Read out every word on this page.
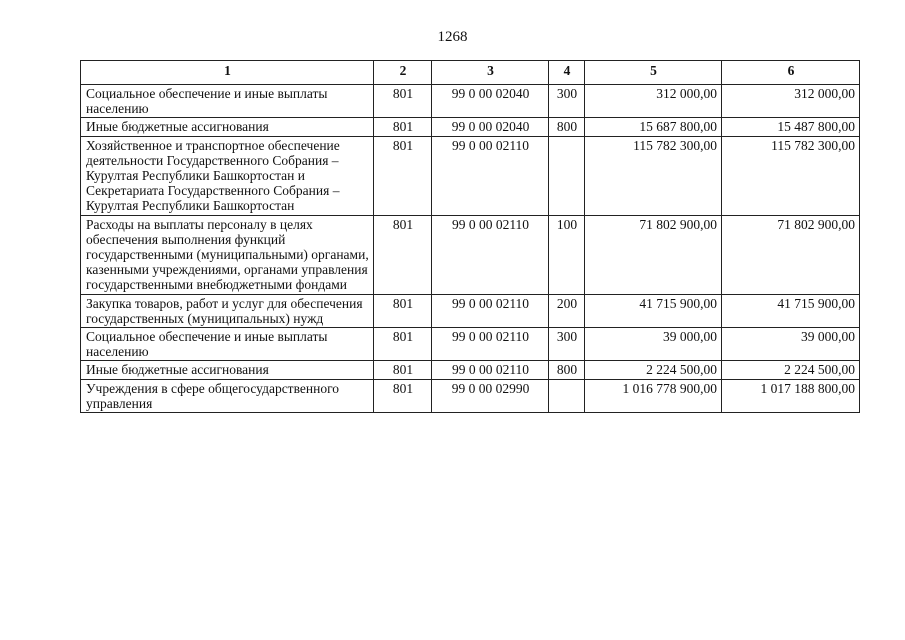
1268
1	2	3	4	5	6
Социальное обеспечение и иные выплаты населению	801	99 0 00 02040	300	312 000,00	312 000,00
Иные бюджетные ассигнования	801	99 0 00 02040	800	15 687 800,00	15 487 800,00
Хозяйственное и транспортное обеспечение деятельности Государственного Собрания – Курултая Республики Башкортостан и Секретариата Государственного Собрания – Курултая Республики Башкортостан	801	99 0 00 02110		115 782 300,00	115 782 300,00
Расходы на выплаты персоналу в целях обеспечения выполнения функций государственными (муниципальными) органами, казенными учреждениями, органами управления государственными внебюджетными фондами	801	99 0 00 02110	100	71 802 900,00	71 802 900,00
Закупка товаров, работ и услуг для обеспечения государственных (муниципальных) нужд	801	99 0 00 02110	200	41 715 900,00	41 715 900,00
Социальное обеспечение и иные выплаты населению	801	99 0 00 02110	300	39 000,00	39 000,00
Иные бюджетные ассигнования	801	99 0 00 02110	800	2 224 500,00	2 224 500,00
Учреждения в сфере общегосударственного управления	801	99 0 00 02990		1 016 778 900,00	1 017 188 800,00
